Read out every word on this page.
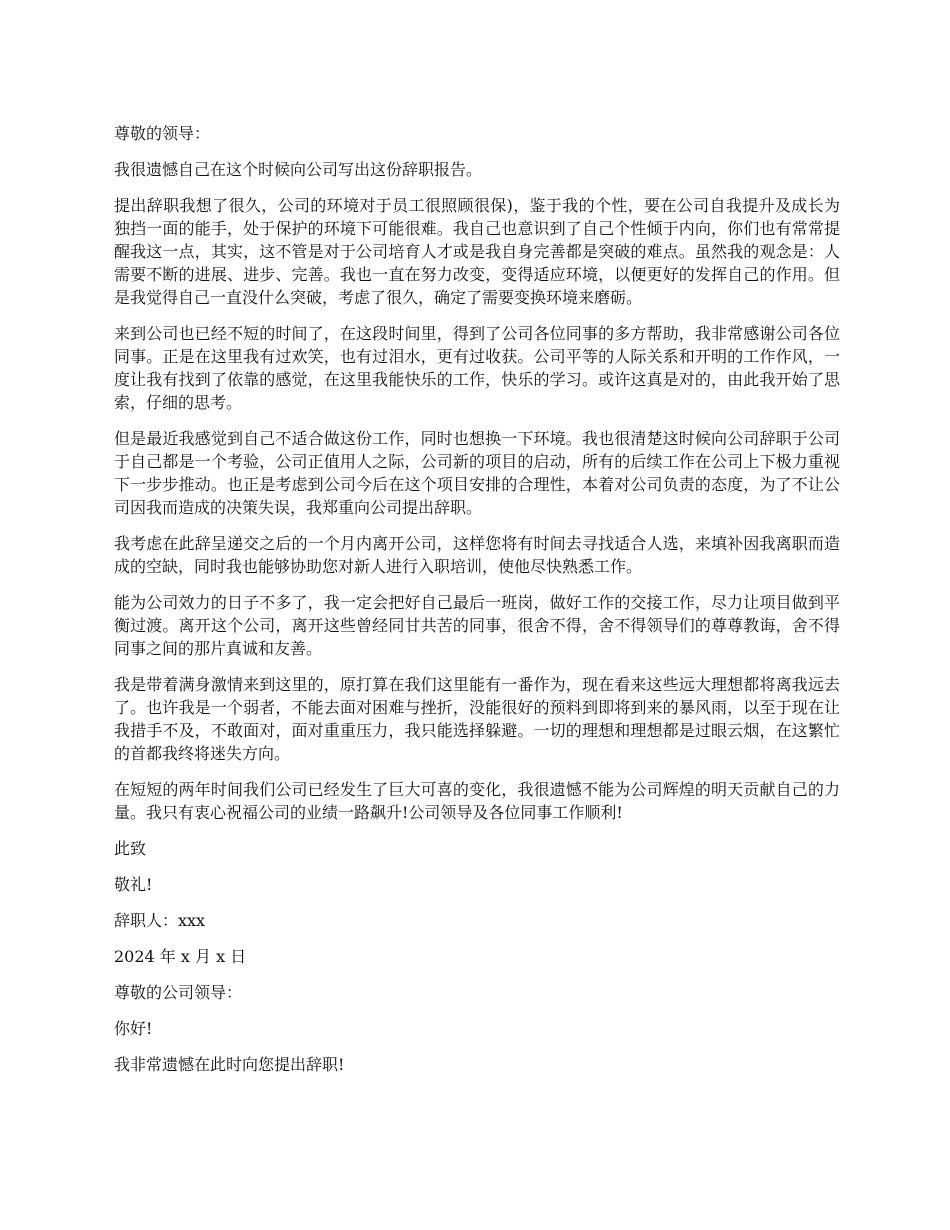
尊敬的领导：

我很遗憾自己在这个时候向公司写出这份辞职报告。

提出辞职我想了很久，公司的环境对于员工很照顾很保)，鉴于我的个性，要在公司自我提升及成长为独挡一面的能手，处于保护的环境下可能很难。我自己也意识到了自己个性倾于内向，你们也有常常提醒我这一点，其实，这不管是对于公司培育人才或是我自身完善都是突破的难点。虽然我的观念是：人需要不断的进展、进步、完善。我也一直在努力改变，变得适应环境，以便更好的发挥自己的作用。但是我觉得自己一直没什么突破，考虑了很久，确定了需要变换环境来磨砺。

来到公司也已经不短的时间了，在这段时间里，得到了公司各位同事的多方帮助，我非常感谢公司各位同事。正是在这里我有过欢笑，也有过泪水，更有过收获。公司平等的人际关系和开明的工作作风，一度让我有找到了依靠的感觉，在这里我能快乐的工作，快乐的学习。或许这真是对的，由此我开始了思索，仔细的思考。

但是最近我感觉到自己不适合做这份工作，同时也想换一下环境。我也很清楚这时候向公司辞职于公司于自己都是一个考验，公司正值用人之际，公司新的项目的启动，所有的后续工作在公司上下极力重视下一步步推动。也正是考虑到公司今后在这个项目安排的合理性，本着对公司负责的态度，为了不让公司因我而造成的决策失误，我郑重向公司提出辞职。

我考虑在此辞呈递交之后的一个月内离开公司，这样您将有时间去寻找适合人选，来填补因我离职而造成的空缺，同时我也能够协助您对新人进行入职培训，使他尽快熟悉工作。

能为公司效力的日子不多了，我一定会把好自己最后一班岗，做好工作的交接工作，尽力让项目做到平衡过渡。离开这个公司，离开这些曾经同甘共苦的同事，很舍不得，舍不得领导们的尊尊教诲，舍不得同事之间的那片真诚和友善。

我是带着满身激情来到这里的，原打算在我们这里能有一番作为，现在看来这些远大理想都将离我远去了。也许我是一个弱者，不能去面对困难与挫折，没能很好的预料到即将到来的暴风雨，以至于现在让我措手不及，不敢面对，面对重重压力，我只能选择躲避。一切的理想和理想都是过眼云烟，在这繁忙的首都我终将迷失方向。

在短短的两年时间我们公司已经发生了巨大可喜的变化，我很遗憾不能为公司辉煌的明天贡献自己的力量。我只有衷心祝福公司的业绩一路飙升!公司领导及各位同事工作顺利!

此致

敬礼!

辞职人：xxx

2024 年 x 月 x 日

尊敬的公司领导：

你好!

我非常遗憾在此时向您提出辞职!
